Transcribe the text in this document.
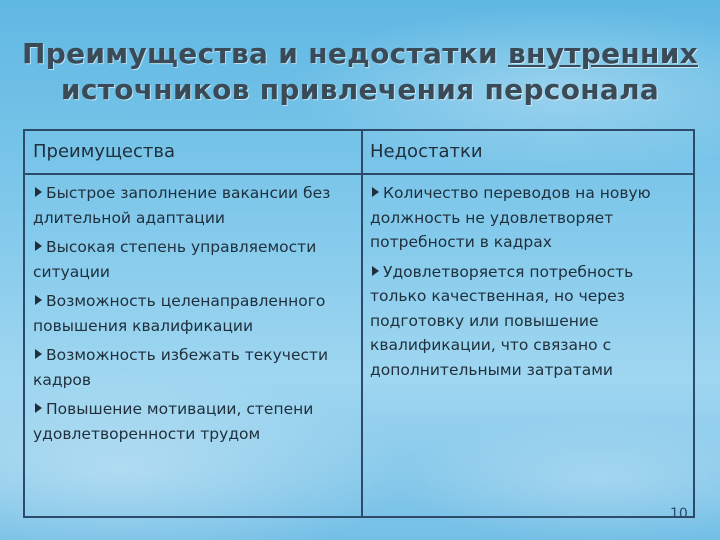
Преимущества и недостатки внутренних
источников привлечения персонала
Преимущества	Недостатки
Быстрое заполнение вакансии без длительной адаптации
Высокая степень управляемости ситуации
Возможность целенаправленного повышения квалификации
Возможность избежать текучести кадров
Повышение мотивации, степени удовлетворенности трудом
Количество переводов на новую должность не удовлетворяет потребности в кадрах
Удовлетворяется потребность только качественная, но через подготовку или повышение квалификации, что связано с дополнительными затратами
10
